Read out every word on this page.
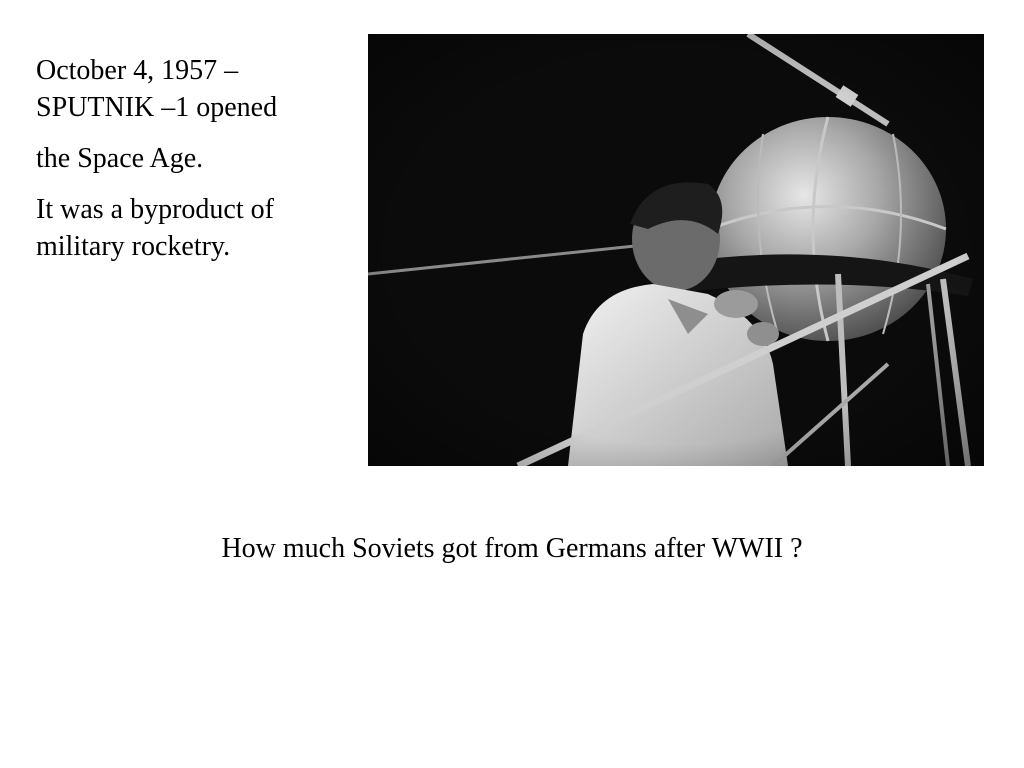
October 4, 1957 –

SPUTNIK –1 opened

the Space Age.

It was a byproduct of

military rocketry.

How much Soviets got from Germans after WWII ?
